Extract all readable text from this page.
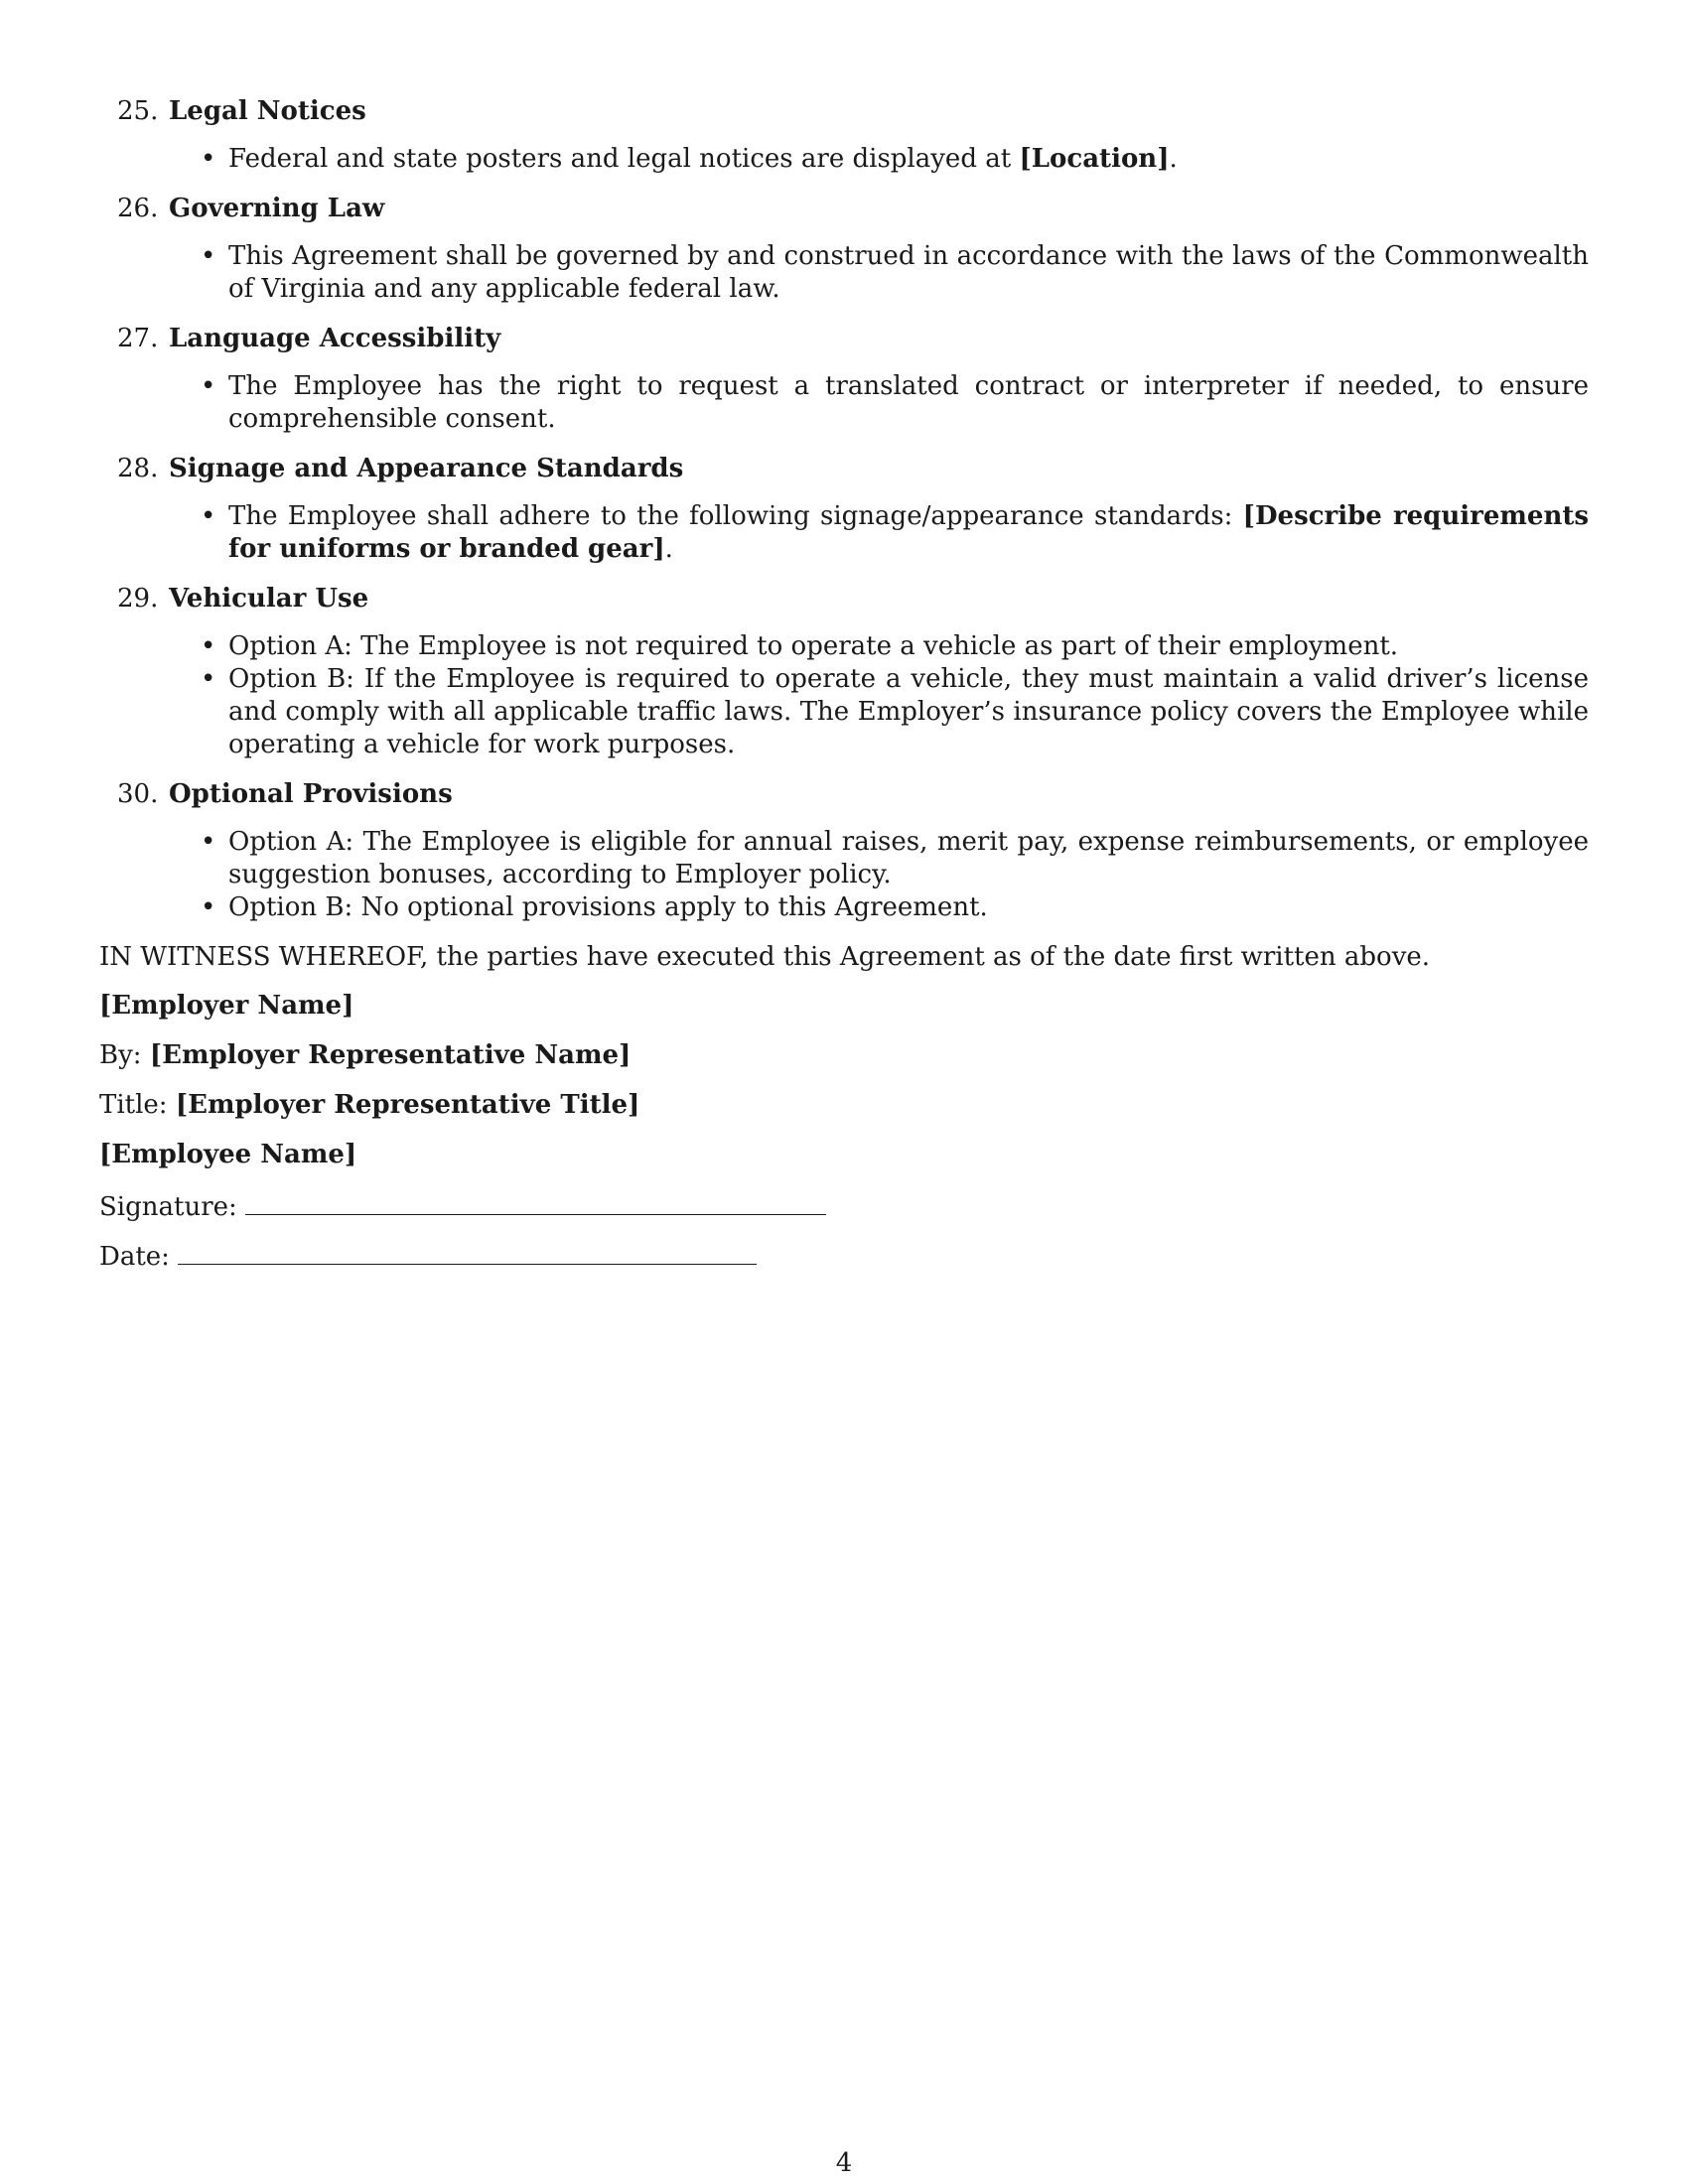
25. Legal Notices
• Federal and state posters and legal notices are displayed at [Location].
26. Governing Law
• This Agreement shall be governed by and construed in accordance with the laws of the Commonwealth of Virginia and any applicable federal law.
27. Language Accessibility
• The Employee has the right to request a translated contract or interpreter if needed, to ensure comprehensible consent.
28. Signage and Appearance Standards
• The Employee shall adhere to the following signage/appearance standards: [Describe requirements for uniforms or branded gear].
29. Vehicular Use
• Option A: The Employee is not required to operate a vehicle as part of their employment.
• Option B: If the Employee is required to operate a vehicle, they must maintain a valid driver’s license and comply with all applicable traffic laws. The Employer’s insurance policy covers the Employee while operating a vehicle for work purposes.
30. Optional Provisions
• Option A: The Employee is eligible for annual raises, merit pay, expense reimbursements, or employee suggestion bonuses, according to Employer policy.
• Option B: No optional provisions apply to this Agreement.

IN WITNESS WHEREOF, the parties have executed this Agreement as of the date first written above.

[Employer Name]

By: [Employer Representative Name]

Title: [Employer Representative Title]

[Employee Name]

Signature:

Date:

4
